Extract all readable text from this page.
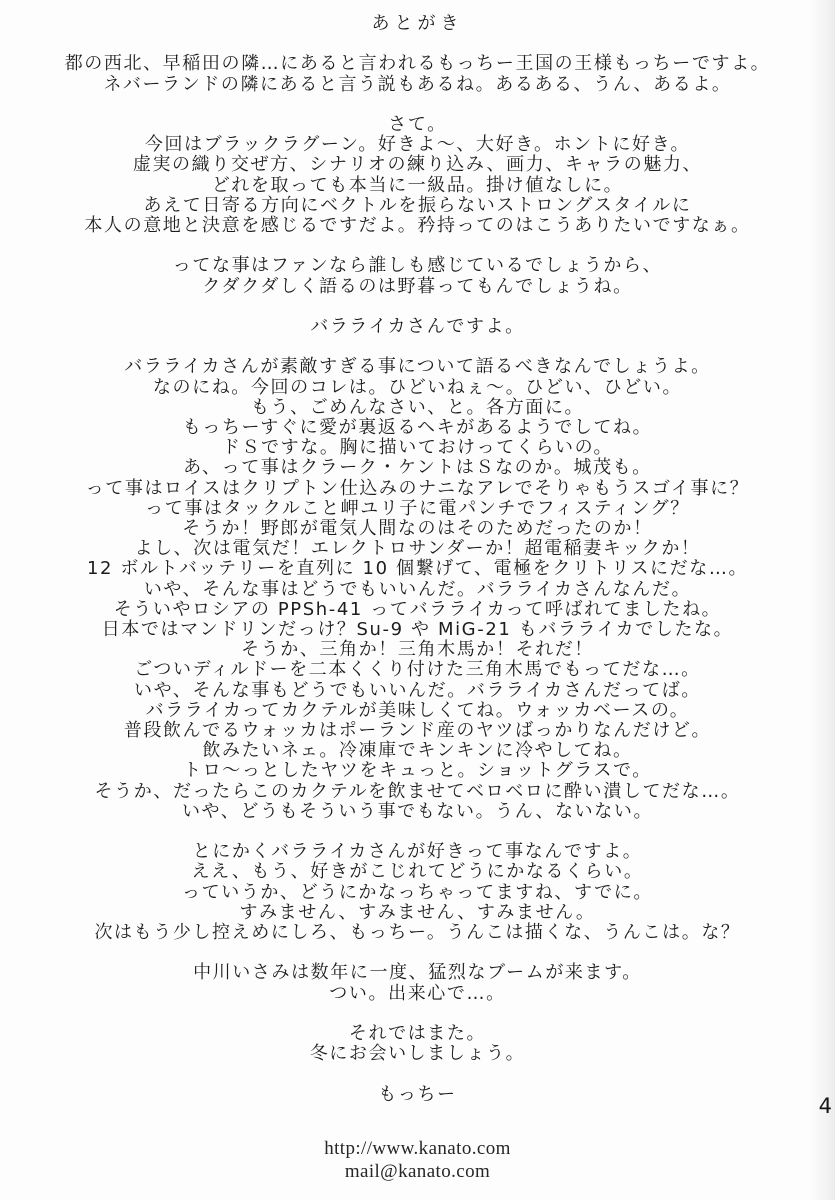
あとがき
都の西北、早稲田の隣…にあると言われるもっちー王国の王様もっちーですよ。
ネバーランドの隣にあると言う説もあるね。あるある、うん、あるよ。
さて。
今回はブラックラグーン。好きよ～、大好き。ホントに好き。
虚実の織り交ぜ方、シナリオの練り込み、画力、キャラの魅力、
どれを取っても本当に一級品。掛け値なしに。
あえて日寄る方向にベクトルを振らないストロングスタイルに
本人の意地と決意を感じるですだよ。矜持ってのはこうありたいですなぁ。
ってな事はファンなら誰しも感じているでしょうから、
クダクダしく語るのは野暮ってもんでしょうね。
バラライカさんですよ。
バラライカさんが素敵すぎる事について語るべきなんでしょうよ。
なのにね。今回のコレは。ひどいねぇ～。ひどい、ひどい。
もう、ごめんなさい、と。各方面に。
もっちーすぐに愛が裏返るヘキがあるようでしてね。
ドＳですな。胸に描いておけってくらいの。
あ、って事はクラーク・ケントはＳなのか。城茂も。
って事はロイスはクリプトン仕込みのナニなアレでそりゃもうスゴイ事に？
って事はタックルこと岬ユリ子に電パンチでフィスティング？
そうか！野郎が電気人間なのはそのためだったのか！
よし、次は電気だ！エレクトロサンダーか！超電稲妻キックか！
12 ボルトバッテリーを直列に 10 個繋げて、電極をクリトリスにだな…。
いや、そんな事はどうでもいいんだ。バラライカさんなんだ。
そういやロシアの PPSh-41 ってバラライカって呼ばれてましたね。
日本ではマンドリンだっけ？Su-9 や MiG-21 もバラライカでしたな。
そうか、三角か！三角木馬か！それだ！
ごついディルドーを二本くくり付けた三角木馬でもってだな…。
いや、そんな事もどうでもいいんだ。バラライカさんだってば。
バラライカってカクテルが美味しくてね。ウォッカベースの。
普段飲んでるウォッカはポーランド産のヤツばっかりなんだけど。
飲みたいネェ。冷凍庫でキンキンに冷やしてね。
トロ～っとしたヤツをキュっと。ショットグラスで。
そうか、だったらこのカクテルを飲ませてベロベロに酔い潰してだな…。
いや、どうもそういう事でもない。うん、ないない。
とにかくバラライカさんが好きって事なんですよ。
ええ、もう、好きがこじれてどうにかなるくらい。
っていうか、どうにかなっちゃってますね、すでに。
すみません、すみません、すみません。
次はもう少し控えめにしろ、もっちー。うんこは描くな、うんこは。な？
中川いさみは数年に一度、猛烈なブームが来ます。
つい。出来心で…。
それではまた。
冬にお会いしましょう。
もっちー
http://www.kanato.com
mail@kanato.com
4
